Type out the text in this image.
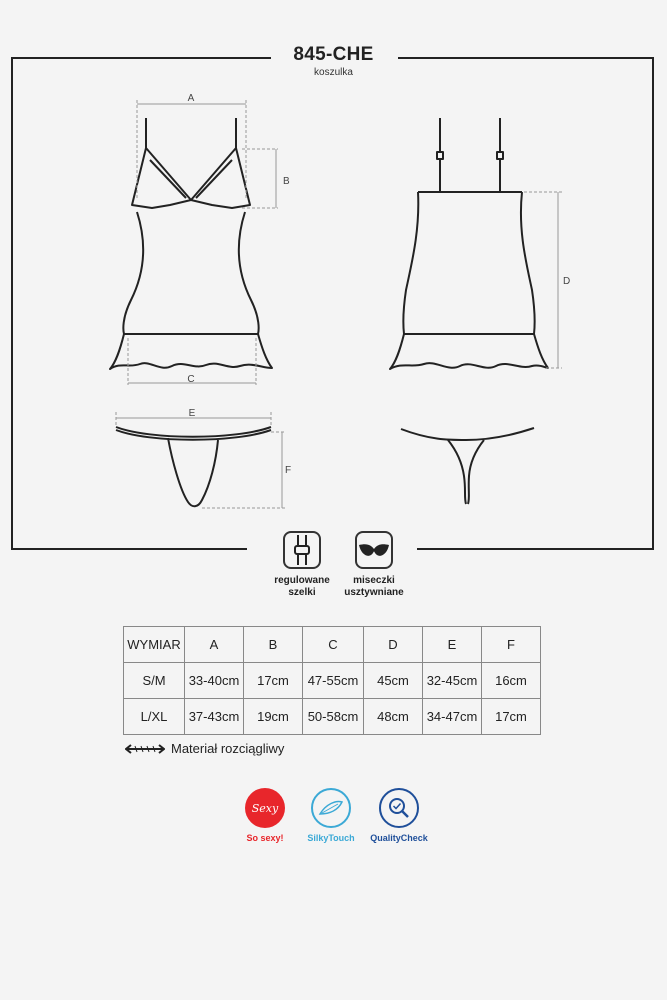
845-CHE
koszulka
A
B
C
D
E
F
regulowane
szelki
miseczki
usztywniane
WYMIAR	A	B	C	D	E	F
S/M	33-40cm	17cm	47-55cm	45cm	32-45cm	16cm
L/XL	37-43cm	19cm	50-58cm	48cm	34-47cm	17cm
Materiał rozciągliwy
Sexy
So sexy!	SilkyTouch	QualityCheck
